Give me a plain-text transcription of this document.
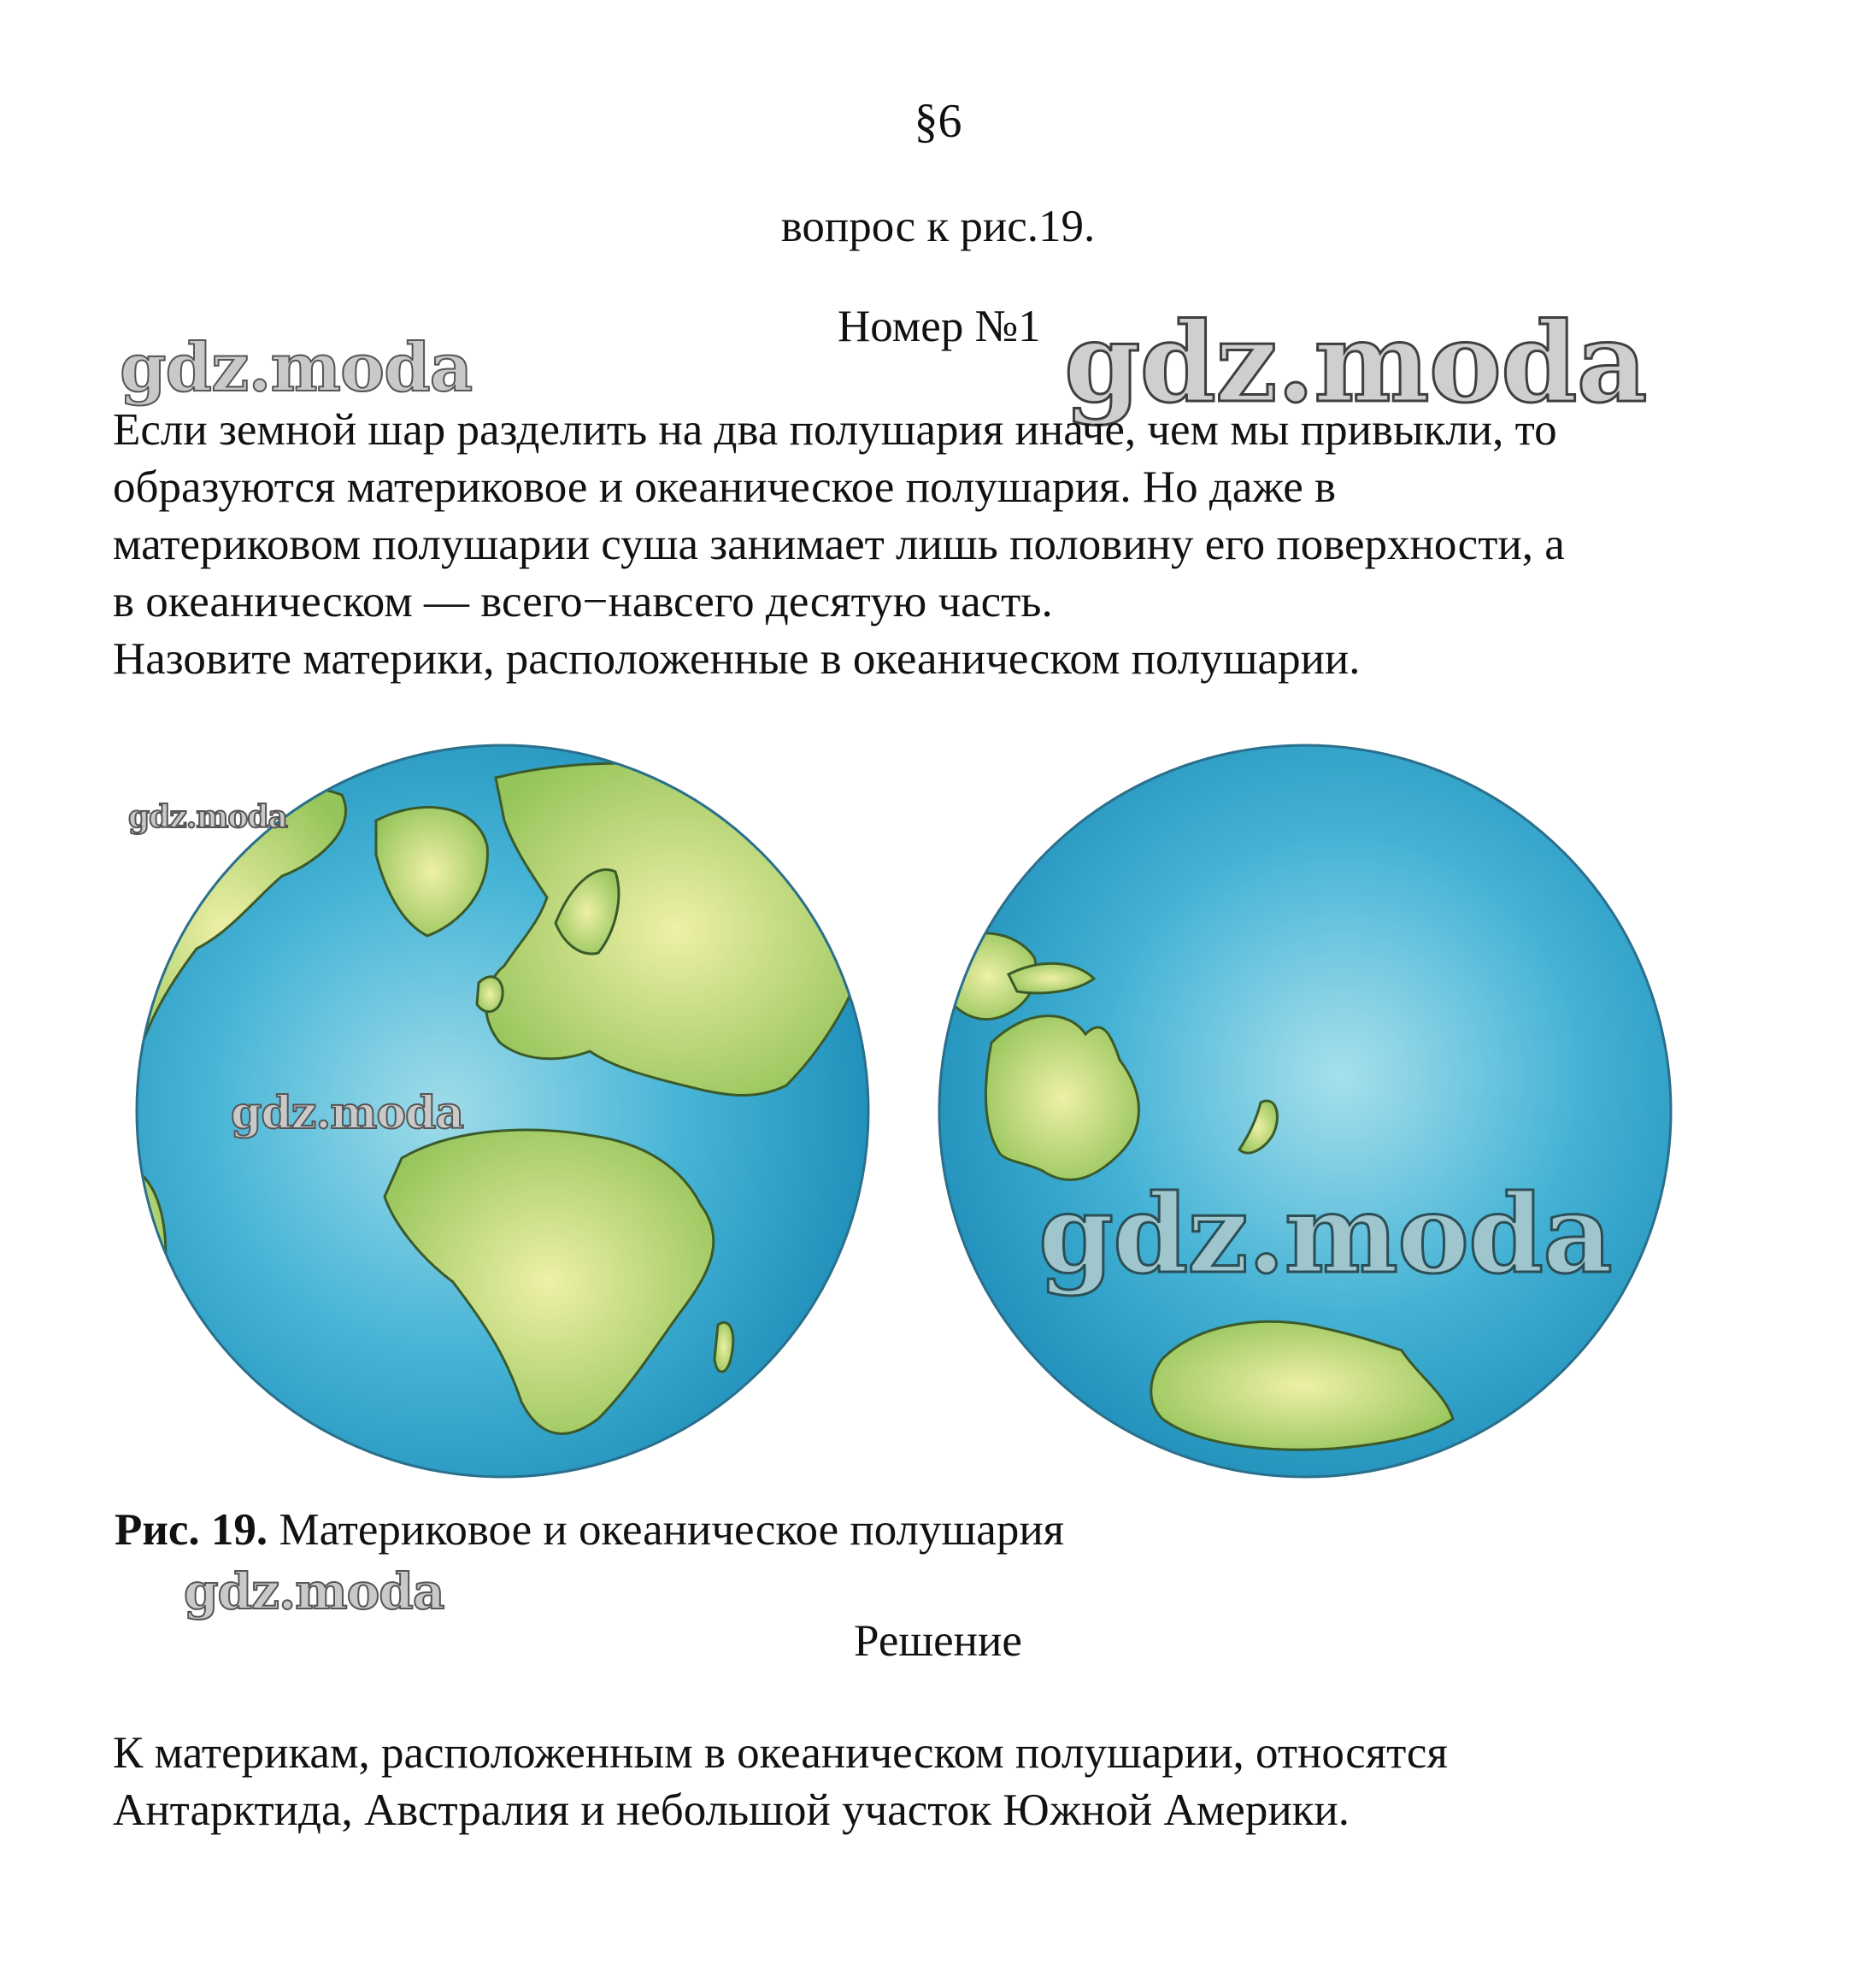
§6
вопрос к рис.19.
Номер №1
gdz.moda	gdz.moda
Если земной шар разделить на два полушария иначе, чем мы привыкли, то
образуются материковое и океаническое полушария. Но даже в
материковом полушарии суша занимает лишь половину его поверхности, а
в океаническом — всего−навсего десятую часть.
Назовите материки, расположенные в океаническом полушарии.
gdz.moda
gdz.moda
gdz.moda
Рис. 19. Материковое и океаническое полушария
gdz.moda
Решение
К материкам, расположенным в океаническом полушарии, относятся
Антарктида, Австралия и небольшой участок Южной Америки.
